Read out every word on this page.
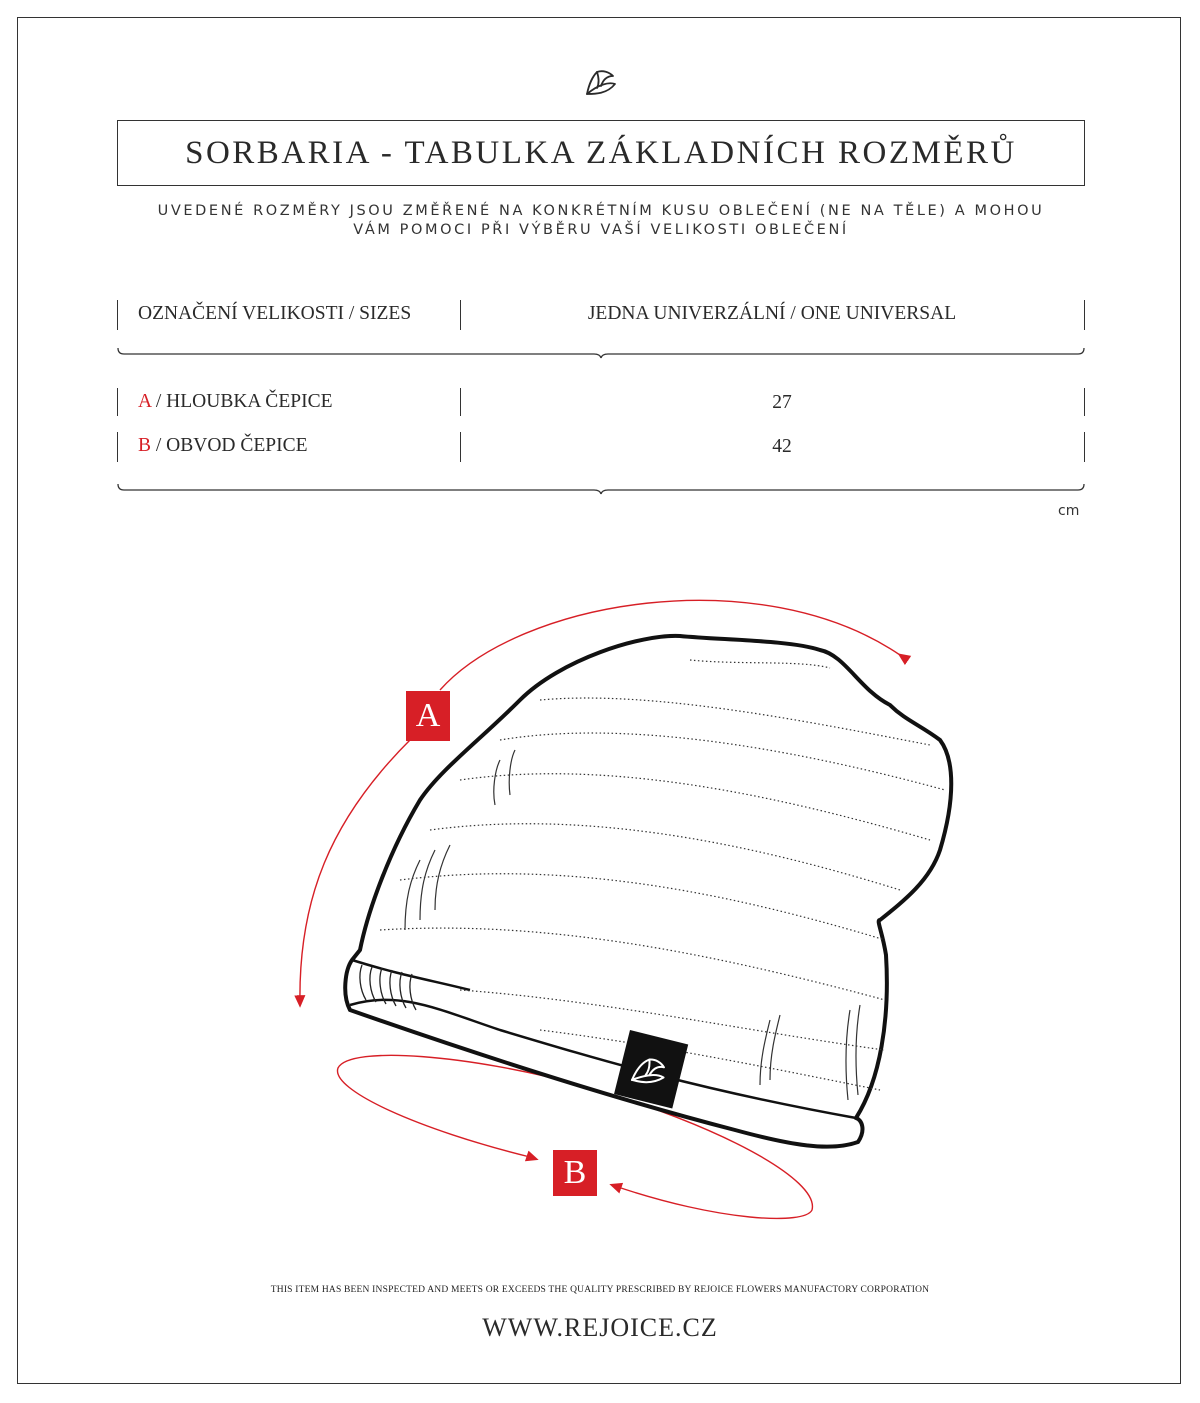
SORBARIA - TABULKA ZÁKLADNÍCH ROZMĚRŮ
UVEDENÉ ROZMĚRY JSOU ZMĚŘENÉ NA KONKRÉTNÍM KUSU OBLEČENÍ (NE NA TĚLE) A MOHOU
VÁM POMOCI PŘI VÝBĚRU VAŠÍ VELIKOSTI OBLEČENÍ
OZNAČENÍ VELIKOSTI / SIZES	JEDNA UNIVERZÁLNÍ / ONE UNIVERSAL
A / HLOUBKA ČEPICE	27
B / OBVOD ČEPICE	42
cm
A
B
THIS ITEM HAS BEEN INSPECTED AND MEETS OR EXCEEDS THE QUALITY PRESCRIBED BY REJOICE FLOWERS MANUFACTORY CORPORATION
WWW.REJOICE.CZ
